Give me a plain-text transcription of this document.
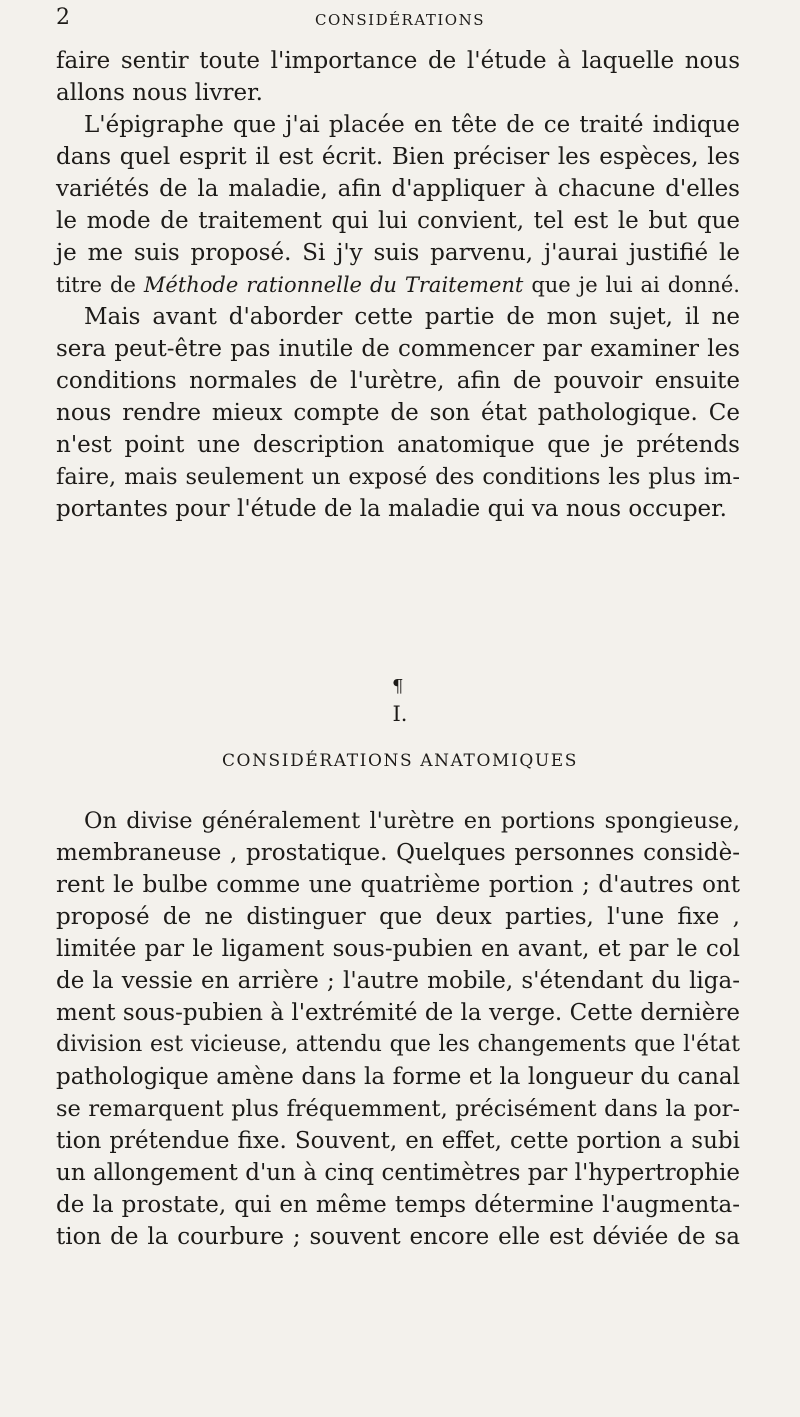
2	CONSIDÉRATIONS
faire sentir toute l'importance de l'étude à laquelle nous
allons nous livrer.
L'épigraphe que j'ai placée en tête de ce traité indique
dans quel esprit il est écrit. Bien préciser les espèces, les
variétés de la maladie, afin d'appliquer à chacune d'elles
le mode de traitement qui lui convient, tel est le but que
je me suis proposé. Si j'y suis parvenu, j'aurai justifié le
titre de Méthode rationnelle du Traitement que je lui ai donné.
Mais avant d'aborder cette partie de mon sujet, il ne
sera peut-être pas inutile de commencer par examiner les
conditions normales de l'urètre, afin de pouvoir ensuite
nous rendre mieux compte de son état pathologique. Ce
n'est point une description anatomique que je prétends
faire, mais seulement un exposé des conditions les plus im-
portantes pour l'étude de la maladie qui va nous occuper.
¶
I.
CONSIDÉRATIONS ANATOMIQUES
On divise généralement l'urètre en portions spongieuse,
membraneuse , prostatique. Quelques personnes considè-
rent le bulbe comme une quatrième portion ; d'autres ont
proposé de ne distinguer que deux parties, l'une fixe ,
limitée par le ligament sous-pubien en avant, et par le col
de la vessie en arrière ; l'autre mobile, s'étendant du liga-
ment sous-pubien à l'extrémité de la verge. Cette dernière
division est vicieuse, attendu que les changements que l'état
pathologique amène dans la forme et la longueur du canal
se remarquent plus fréquemment, précisément dans la por-
tion prétendue fixe. Souvent, en effet, cette portion a subi
un allongement d'un à cinq centimètres par l'hypertrophie
de la prostate, qui en même temps détermine l'augmenta-
tion de la courbure ; souvent encore elle est déviée de sa
